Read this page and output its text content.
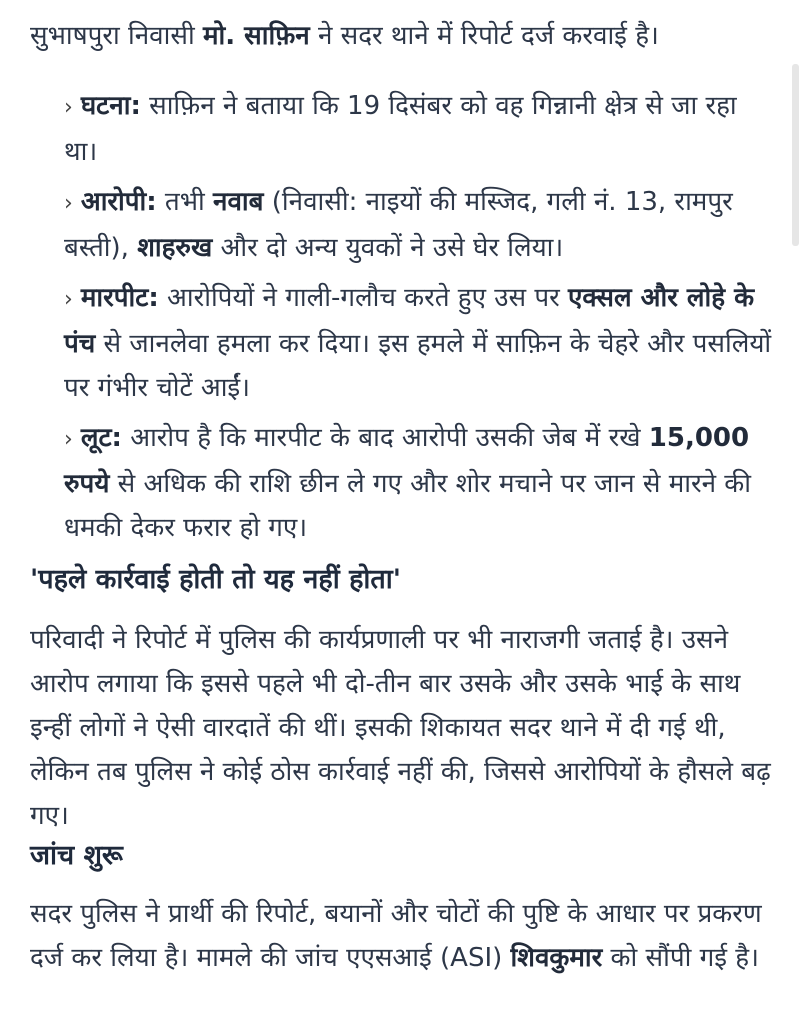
सुभाषपुरा निवासी मो. साफ़िन ने सदर थाने में रिपोर्ट दर्ज करवाई है।

› घटना: साफ़िन ने बताया कि 19 दिसंबर को वह गिन्नानी क्षेत्र से जा रहा था।

› आरोपी: तभी नवाब (निवासी: नाइयों की मस्जिद, गली नं. 13, रामपुर बस्ती), शाहरुख और दो अन्य युवकों ने उसे घेर लिया।

› मारपीट: आरोपियों ने गाली-गलौच करते हुए उस पर एक्सल और लोहे के पंच से जानलेवा हमला कर दिया। इस हमले में साफ़िन के चेहरे और पसलियों पर गंभीर चोटें आईं।

› लूट: आरोप है कि मारपीट के बाद आरोपी उसकी जेब में रखे 15,000 रुपये से अधिक की राशि छीन ले गए और शोर मचाने पर जान से मारने की धमकी देकर फरार हो गए।

'पहले कार्रवाई होती तो यह नहीं होता'

परिवादी ने रिपोर्ट में पुलिस की कार्यप्रणाली पर भी नाराजगी जताई है। उसने आरोप लगाया कि इससे पहले भी दो-तीन बार उसके और उसके भाई के साथ इन्हीं लोगों ने ऐसी वारदातें की थीं। इसकी शिकायत सदर थाने में दी गई थी, लेकिन तब पुलिस ने कोई ठोस कार्रवाई नहीं की, जिससे आरोपियों के हौसले बढ़ गए।

जांच शुरू

सदर पुलिस ने प्रार्थी की रिपोर्ट, बयानों और चोटों की पुष्टि के आधार पर प्रकरण दर्ज कर लिया है। मामले की जांच एएसआई (ASI) शिवकुमार को सौंपी गई है।
